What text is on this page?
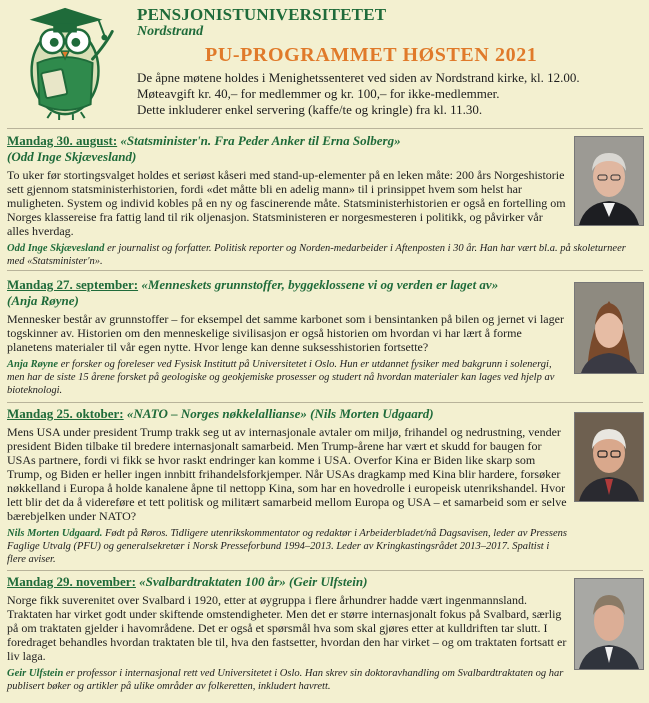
PENSJONISTUNIVERSITETET
Nordstrand
PU-PROGRAMMET HØSTEN 2021
De åpne møtene holdes i Menighetssenteret ved siden av Nordstrand kirke, kl. 12.00.
Møteavgift kr. 40,– for medlemmer og kr. 100,– for ikke-medlemmer.
Dette inkluderer enkel servering (kaffe/te og kringle) fra kl. 11.30.
Mandag 30. august: «Statsminister'n. Fra Peder Anker til Erna Solberg»
(Odd Inge Skjævesland)
To uker før stortingsvalget holdes et seriøst kåseri med stand-up-elementer på en leken måte: 200 års Norgeshistorie sett gjennom statsministerhistorien, fordi «det måtte bli en adelig mann» til i prinsippet hvem som helst har muligheten. System og individ kobles på en ny og fascinerende måte. Statsministerhistorien er også en fortelling om Norges klassereise fra fattig land til rik oljenasjon. Statsministeren er norgesmesteren i politikk, og påvirker vår alles hverdag.
Odd Inge Skjævesland er journalist og forfatter. Politisk reporter og Norden-medarbeider i Aftenposten i 30 år. Han har vært bl.a. på skoleturneer med «Statsminister'n».
Mandag 27. september: «Menneskets grunnstoffer, byggeklossene vi og verden er laget av»
(Anja Røyne)
Mennesker består av grunnstoffer – for eksempel det samme karbonet som i bensintanken på bilen og jernet vi lager togskinner av. Historien om den menneskelige sivilisasjon er også historien om hvordan vi har lært å forme planetens materialer til vår egen nytte. Hvor lenge kan denne suksesshistorien fortsette?
Anja Røyne er forsker og foreleser ved Fysisk Institutt på Universitetet i Oslo. Hun er utdannet fysiker med bakgrunn i solenergi, men har de siste 15 årene forsket på geologiske og geokjemiske prosesser og studert nå hvordan materialer kan lages ved hjelp av bioteknologi.
Mandag 25. oktober: «NATO – Norges nøkkelallianse» (Nils Morten Udgaard)
Mens USA under president Trump trakk seg ut av internasjonale avtaler om miljø, frihandel og nedrustning, vender president Biden tilbake til bredere internasjonalt samarbeid. Men Trump-årene har vært et skudd for baugen for USAs partnere, fordi vi fikk se hvor raskt endringer kan komme i USA. Overfor Kina er Biden like skarp som Trump, og Biden er heller ingen innbitt frihandelsforkjemper. Når USAs dragkamp med Kina blir hardere, forsøker nøkkelland i Europa å holde kanalene åpne til nettopp Kina, som har en hovedrolle i europeisk utenrikshandel. Hvor lett blir det da å videreføre et tett politisk og militært samarbeid mellom Europa og USA – et samarbeid som er selve bærebjelken under NATO?
Nils Morten Udgaard. Født på Røros. Tidligere utenrikskommentator og redaktør i Arbeiderbladet/nå Dagsavisen, leder av Pressens Faglige Utvalg (PFU) og generalsekretær i Norsk Presseforbund 1994–2013. Leder av Kringkastingsrådet 2013–2017. Spaltist i flere aviser.
Mandag 29. november: «Svalbardtraktaten 100 år» (Geir Ulfstein)
Norge fikk suverenitet over Svalbard i 1920, etter at øygruppa i flere århundrer hadde vært ingenmannsland. Traktaten har virket godt under skiftende omstendigheter. Men det er større internasjonalt fokus på Svalbard, særlig på om traktaten gjelder i havområdene. Det er også et spørsmål hva som skal gjøres etter at kulldriften tar slutt. I foredraget behandles hvordan traktaten ble til, hva den fastsetter, hvordan den har virket – og om traktaten fortsatt er liv laga.
Geir Ulfstein er professor i internasjonal rett ved Universitetet i Oslo. Han skrev sin doktoravhandling om Svalbardtraktaten og har publisert bøker og artikler på ulike områder av folkeretten, inkludert havrett.
